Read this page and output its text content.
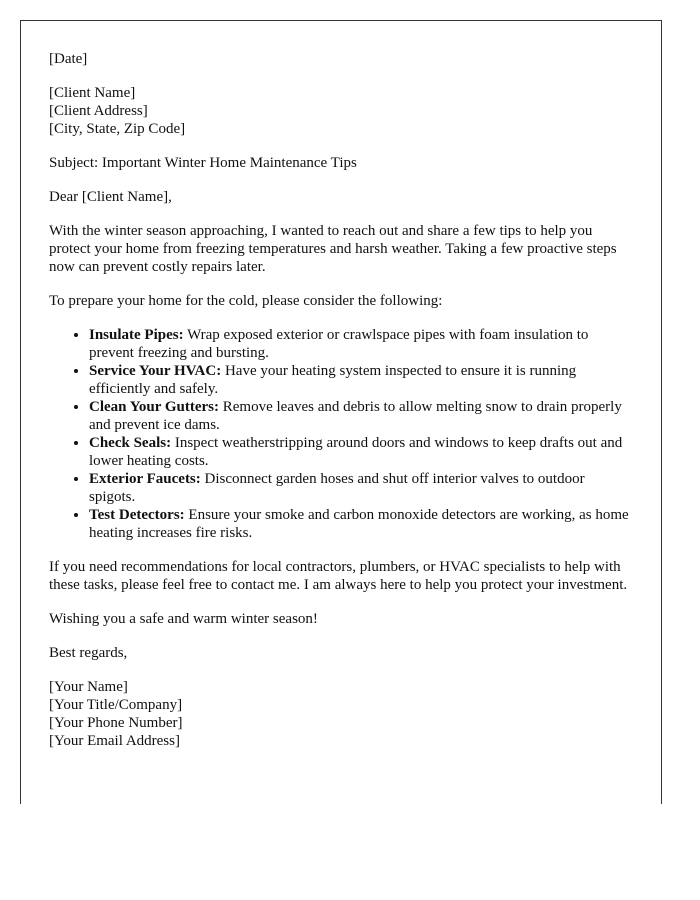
[Date]

[Client Name]
[Client Address]
[City, State, Zip Code]

Subject: Important Winter Home Maintenance Tips

Dear [Client Name],

With the winter season approaching, I wanted to reach out and share a few tips to help you protect your home from freezing temperatures and harsh weather. Taking a few proactive steps now can prevent costly repairs later.

To prepare your home for the cold, please consider the following:

• Insulate Pipes: Wrap exposed exterior or crawlspace pipes with foam insulation to prevent freezing and bursting.
• Service Your HVAC: Have your heating system inspected to ensure it is running efficiently and safely.
• Clean Your Gutters: Remove leaves and debris to allow melting snow to drain properly and prevent ice dams.
• Check Seals: Inspect weatherstripping around doors and windows to keep drafts out and lower heating costs.
• Exterior Faucets: Disconnect garden hoses and shut off interior valves to outdoor spigots.
• Test Detectors: Ensure your smoke and carbon monoxide detectors are working, as home heating increases fire risks.

If you need recommendations for local contractors, plumbers, or HVAC specialists to help with these tasks, please feel free to contact me. I am always here to help you protect your investment.

Wishing you a safe and warm winter season!

Best regards,

[Your Name]
[Your Title/Company]
[Your Phone Number]
[Your Email Address]
